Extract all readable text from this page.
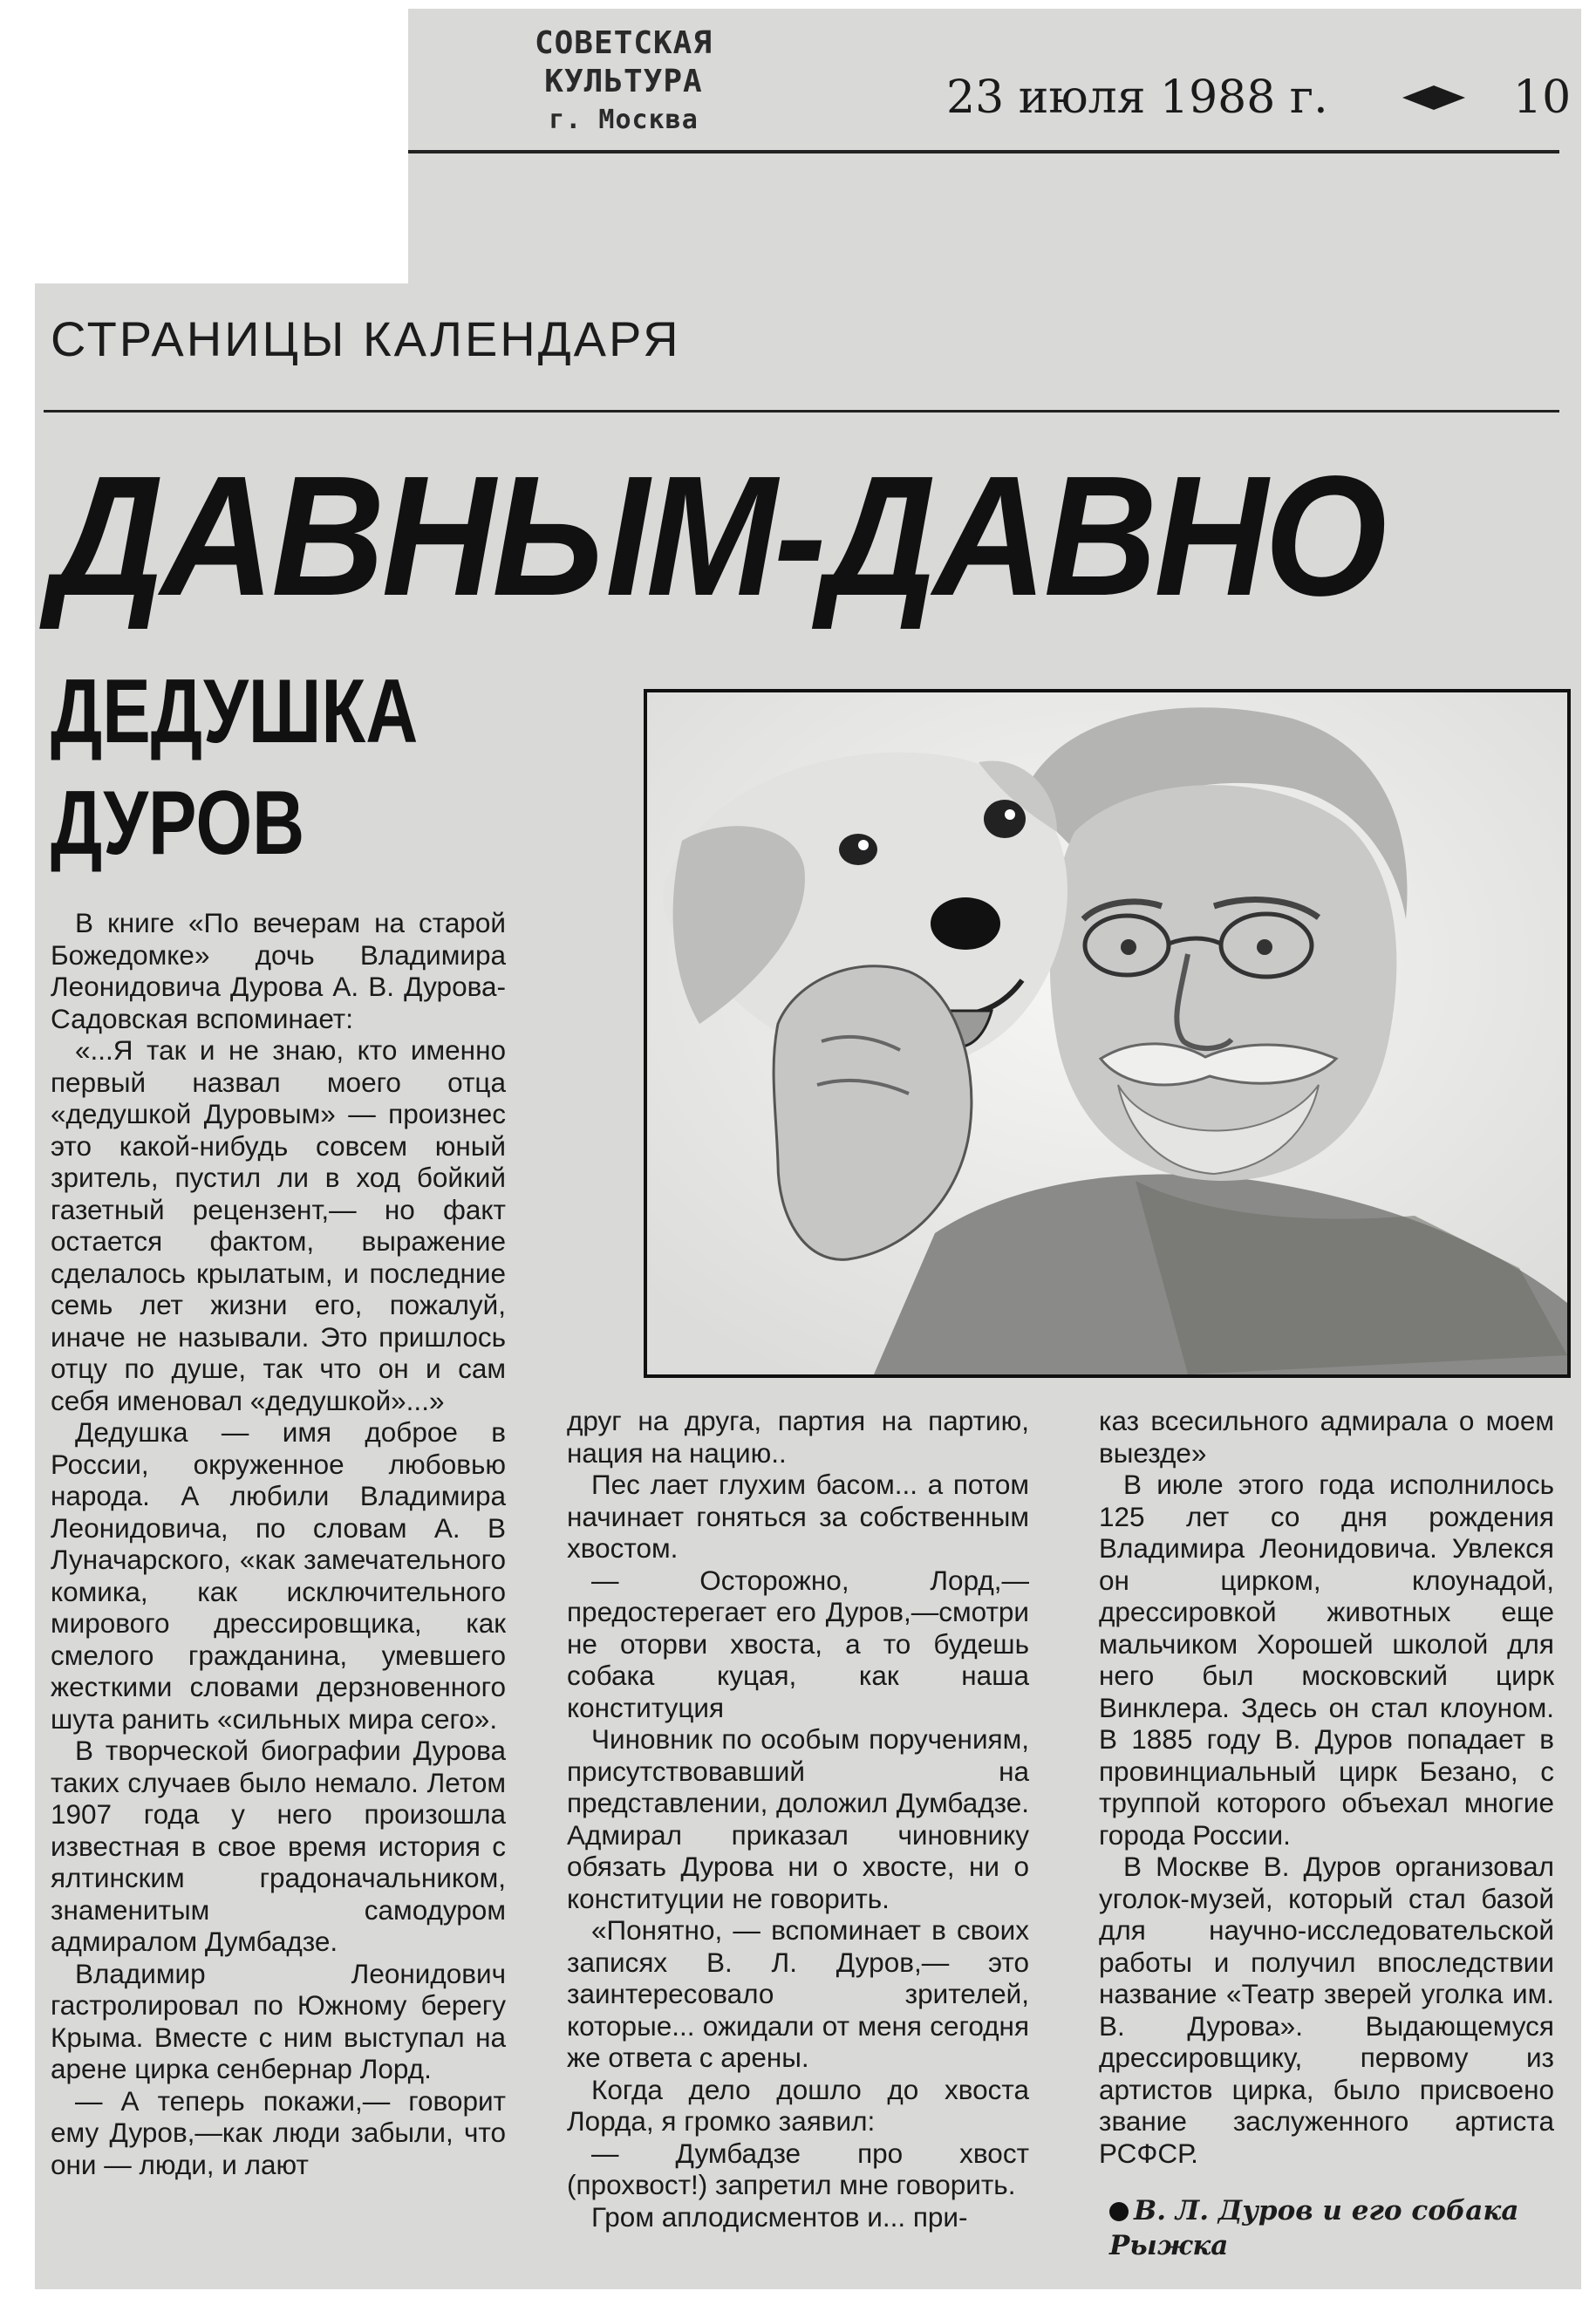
СОВЕТСКАЯ КУЛЬТУРА
г. Москва	23 июля 1988 г.	10
СТРАНИЦЫ КАЛЕНДАРЯ
ДАВНЫМ-ДАВНО
ДЕДУШКА
ДУРОВ

В книге «По вечерам на старой Божедомке» дочь Владимира Леонидовича Дурова А. В. Дурова-Садовская вспоминает:

«...Я так и не знаю, кто именно первый назвал моего отца «дедушкой Дуровым» — произнес это какой-нибудь совсем юный зритель, пустил ли в ход бойкий газетный рецензент,— но факт остается фактом, выражение сделалось крылатым, и последние семь лет жизни его, пожалуй, иначе не называли. Это пришлось отцу по душе, так что он и сам себя именовал «дедушкой»...»

Дедушка — имя доброе в России, окруженное любовью народа. А любили Владимира Леонидовича, по словам А. В Луначарского, «как замечательного комика, как исключительного мирового дрессировщика, как смелого гражданина, умевшего жесткими словами дерзновенного шута ранить «сильных мира сего».

В творческой биографии Дурова таких случаев было немало. Летом 1907 года у него произошла известная в свое время история с ялтинским градоначальником, знаменитым самодуром адмиралом Думбадзе.

Владимир Леонидович гастролировал по Южному берегу Крыма. Вместе с ним выступал на арене цирка сенбернар Лорд.

— А теперь покажи,— говорит ему Дуров,—как люди забыли, что они — люди, и лают

друг на друга, партия на партию, нация на нацию..

Пес лает глухим басом... а потом начинает гоняться за собственным хвостом.

— Осторожно, Лорд,— предостерегает его Дуров,—смотри не оторви хвоста, а то будешь собака куцая, как наша конституция

Чиновник по особым поручениям, присутствовавший на представлении, доложил Думбадзе. Адмирал приказал чиновнику обязать Дурова ни о хвосте, ни о конституции не говорить.

«Понятно, — вспоминает в своих записях В. Л. Дуров,— это заинтересовало зрителей, которые... ожидали от меня сегодня же ответа с арены.

Когда дело дошло до хвоста Лорда, я громко заявил:

— Думбадзе про хвост (прохвост!) запретил мне говорить.

Гром аплодисментов и... при-

каз всесильного адмирала о моем выезде»

В июле этого года исполнилось 125 лет со дня рождения Владимира Леонидовича. Увлекся он цирком, клоунадой, дрессировкой животных еще мальчиком Хорошей школой для него был московский цирк Винклера. Здесь он стал клоуном. В 1885 году В. Дуров попадает в провинциальный цирк Безано, с труппой которого объехал многие города России.

В Москве В. Дуров организовал уголок-музей, который стал базой для научно-исследовательской работы и получил впоследствии название «Театр зверей уголка им. В. Дурова». Выдающемуся дрессировщику, первому из артистов цирка, было присвоено звание заслуженного артиста РСФСР.

В. Л. Дуров и его собака Рыжка
